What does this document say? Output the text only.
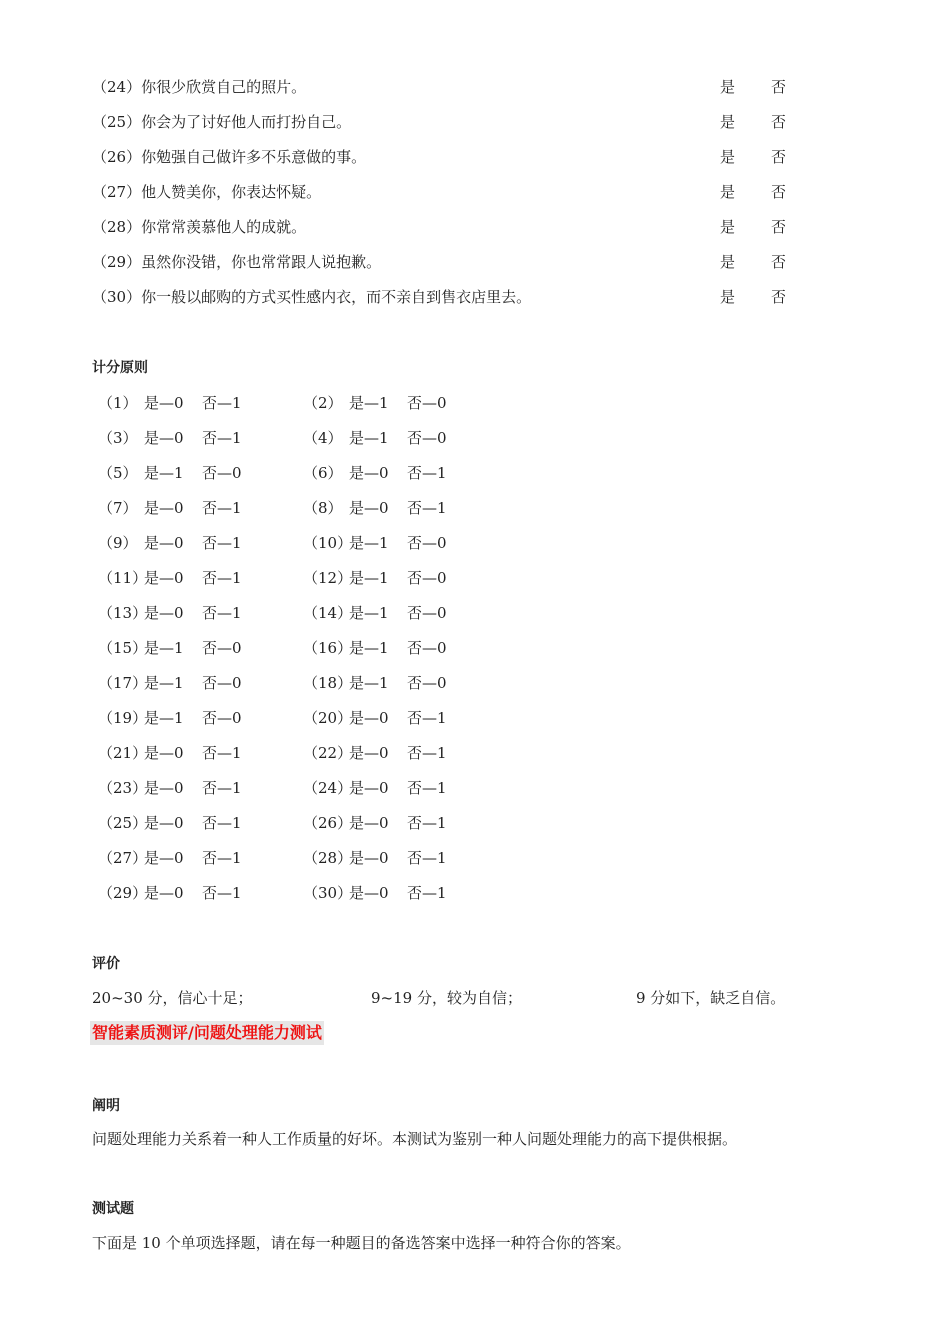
（24）你很少欣赏自己的照片。	是 否
（25）你会为了讨好他人而打扮自己。	是 否
（26）你勉强自己做许多不乐意做的事。	是 否
（27）他人赞美你，你表达怀疑。	是 否
（28）你常常羡慕他人的成就。	是 否
（29）虽然你没错，你也常常跟人说抱歉。	是 否
（30）你一般以邮购的方式买性感内衣，而不亲自到售衣店里去。	是 否
计分原则
（1） 是—0 否—1	（2） 是—1 否—0
（3） 是—0 否—1	（4） 是—1 否—0
（5） 是—1 否—0	（6） 是—0 否—1
（7） 是—0 否—1	（8） 是—0 否—1
（9） 是—0 否—1	（10）是—1 否—0
（11）是—0 否—1	（12）是—1 否—0
（13）是—0 否—1	（14）是—1 否—0
（15）是—1 否—0	（16）是—1 否—0
（17）是—1 否—0	（18）是—1 否—0
（19）是—1 否—0	（20）是—0 否—1
（21）是—0 否—1	（22）是—0 否—1
（23）是—0 否—1	（24）是—0 否—1
（25）是—0 否—1	（26）是—0 否—1
（27）是—0 否—1	（28）是—0 否—1
（29）是—0 否—1	（30）是—0 否—1
评价
20~30 分，信心十足；	9~19 分，较为自信；	9 分如下，缺乏自信。
智能素质测评/问题处理能力测试
阐明
问题处理能力关系着一种人工作质量的好坏。本测试为鉴别一种人问题处理能力的高下提供根据。
测试题
下面是 10 个单项选择题，请在每一种题目的备选答案中选择一种符合你的答案。
